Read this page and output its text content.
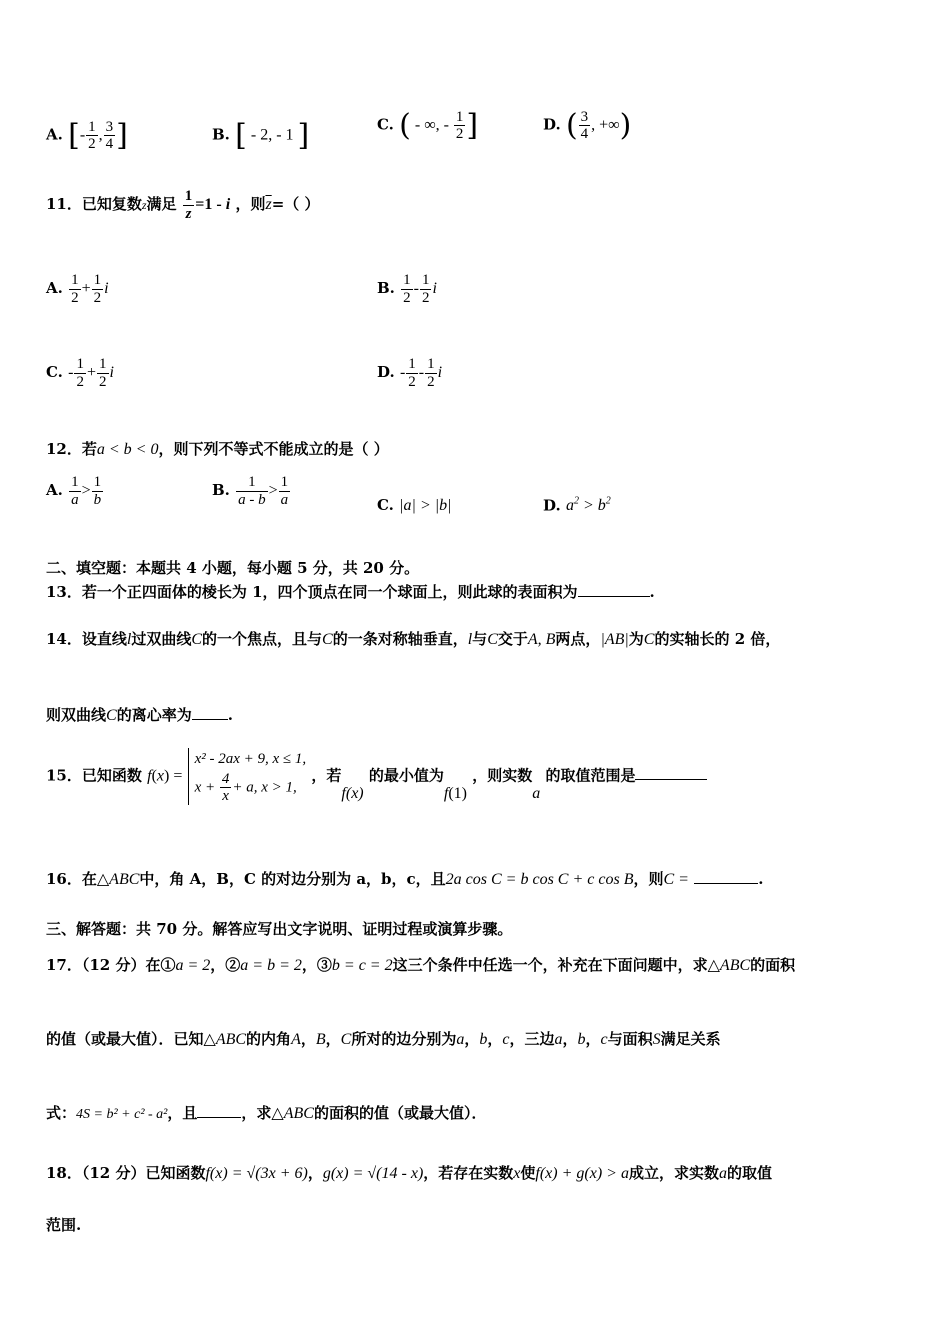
A. [- $\frac{1}{2}$ , $\frac{3}{4}$ ]	B. [ - 2, - 1 ]	C. ( - ∞, - $\frac{1}{2}$ ]	D. ( $\frac{3}{4}$ , +∞)
11．已知复数z满足 $\frac{1}{z} =1 - i$ ，则$\overline{z}=$（ ）
A. $\frac{1}{2} + \frac{1}{2}$ i	B. $\frac{1}{2} - \frac{1}{2}$ i
C. - $\frac{1}{2} + \frac{1}{2}$ i	D. - $\frac{1}{2} - \frac{1}{2}$ i
12．若a < b < 0，则下列不等式不能成立的是（ ）
A. $\frac{1}{a} > \frac{1}{b}$	B. $\frac{1}{a - b} > \frac{1}{a}$	C. |a| > |b|	D. $a^2 > b^2$
二、填空题：本题共 4 小题，每小题 5 分，共 20 分。
13．若一个正四面体的棱长为 1，四个顶点在同一个球面上，则此球的表面积为	.
14．设直线l过双曲线C的一个焦点，且与C的一条对称轴垂直，l与C交于A, B两点，|AB|为C的实轴长的 2 倍，
则双曲线C的离心率为 .
15．已知函数 f(x) = x² - 2ax + 9, x ≤ 1,
$x + \frac{4}{x} + a$, x > 1, ，若f(x) 的最小值为f(1) ，则实数a 的取值范围是
16．在△ABC中，角 A，B，C 的对边分别为 a，b，c，且2a cos C = b cos C + c cos B，则C =	.
三、解答题：共 70 分。解答应写出文字说明、证明过程或演算步骤。
17．（12 分）在①a = 2，②a = b = 2，③b = c = 2这三个条件中任选一个，补充在下面问题中，求△ABC的面积
的值（或最大值）．已知△ABC的内角A，B，C所对的边分别为a，b，c，三边a，b，c与面积S满足关系
式：4S = b² + c² - a²，且	，求△ABC的面积的值（或最大值）．
18．（12 分）已知函数f(x) = √(3x + 6)，g(x) = √(14 - x)，若存在实数x使f(x) + g(x) > a成立，求实数a的取值
范围.
